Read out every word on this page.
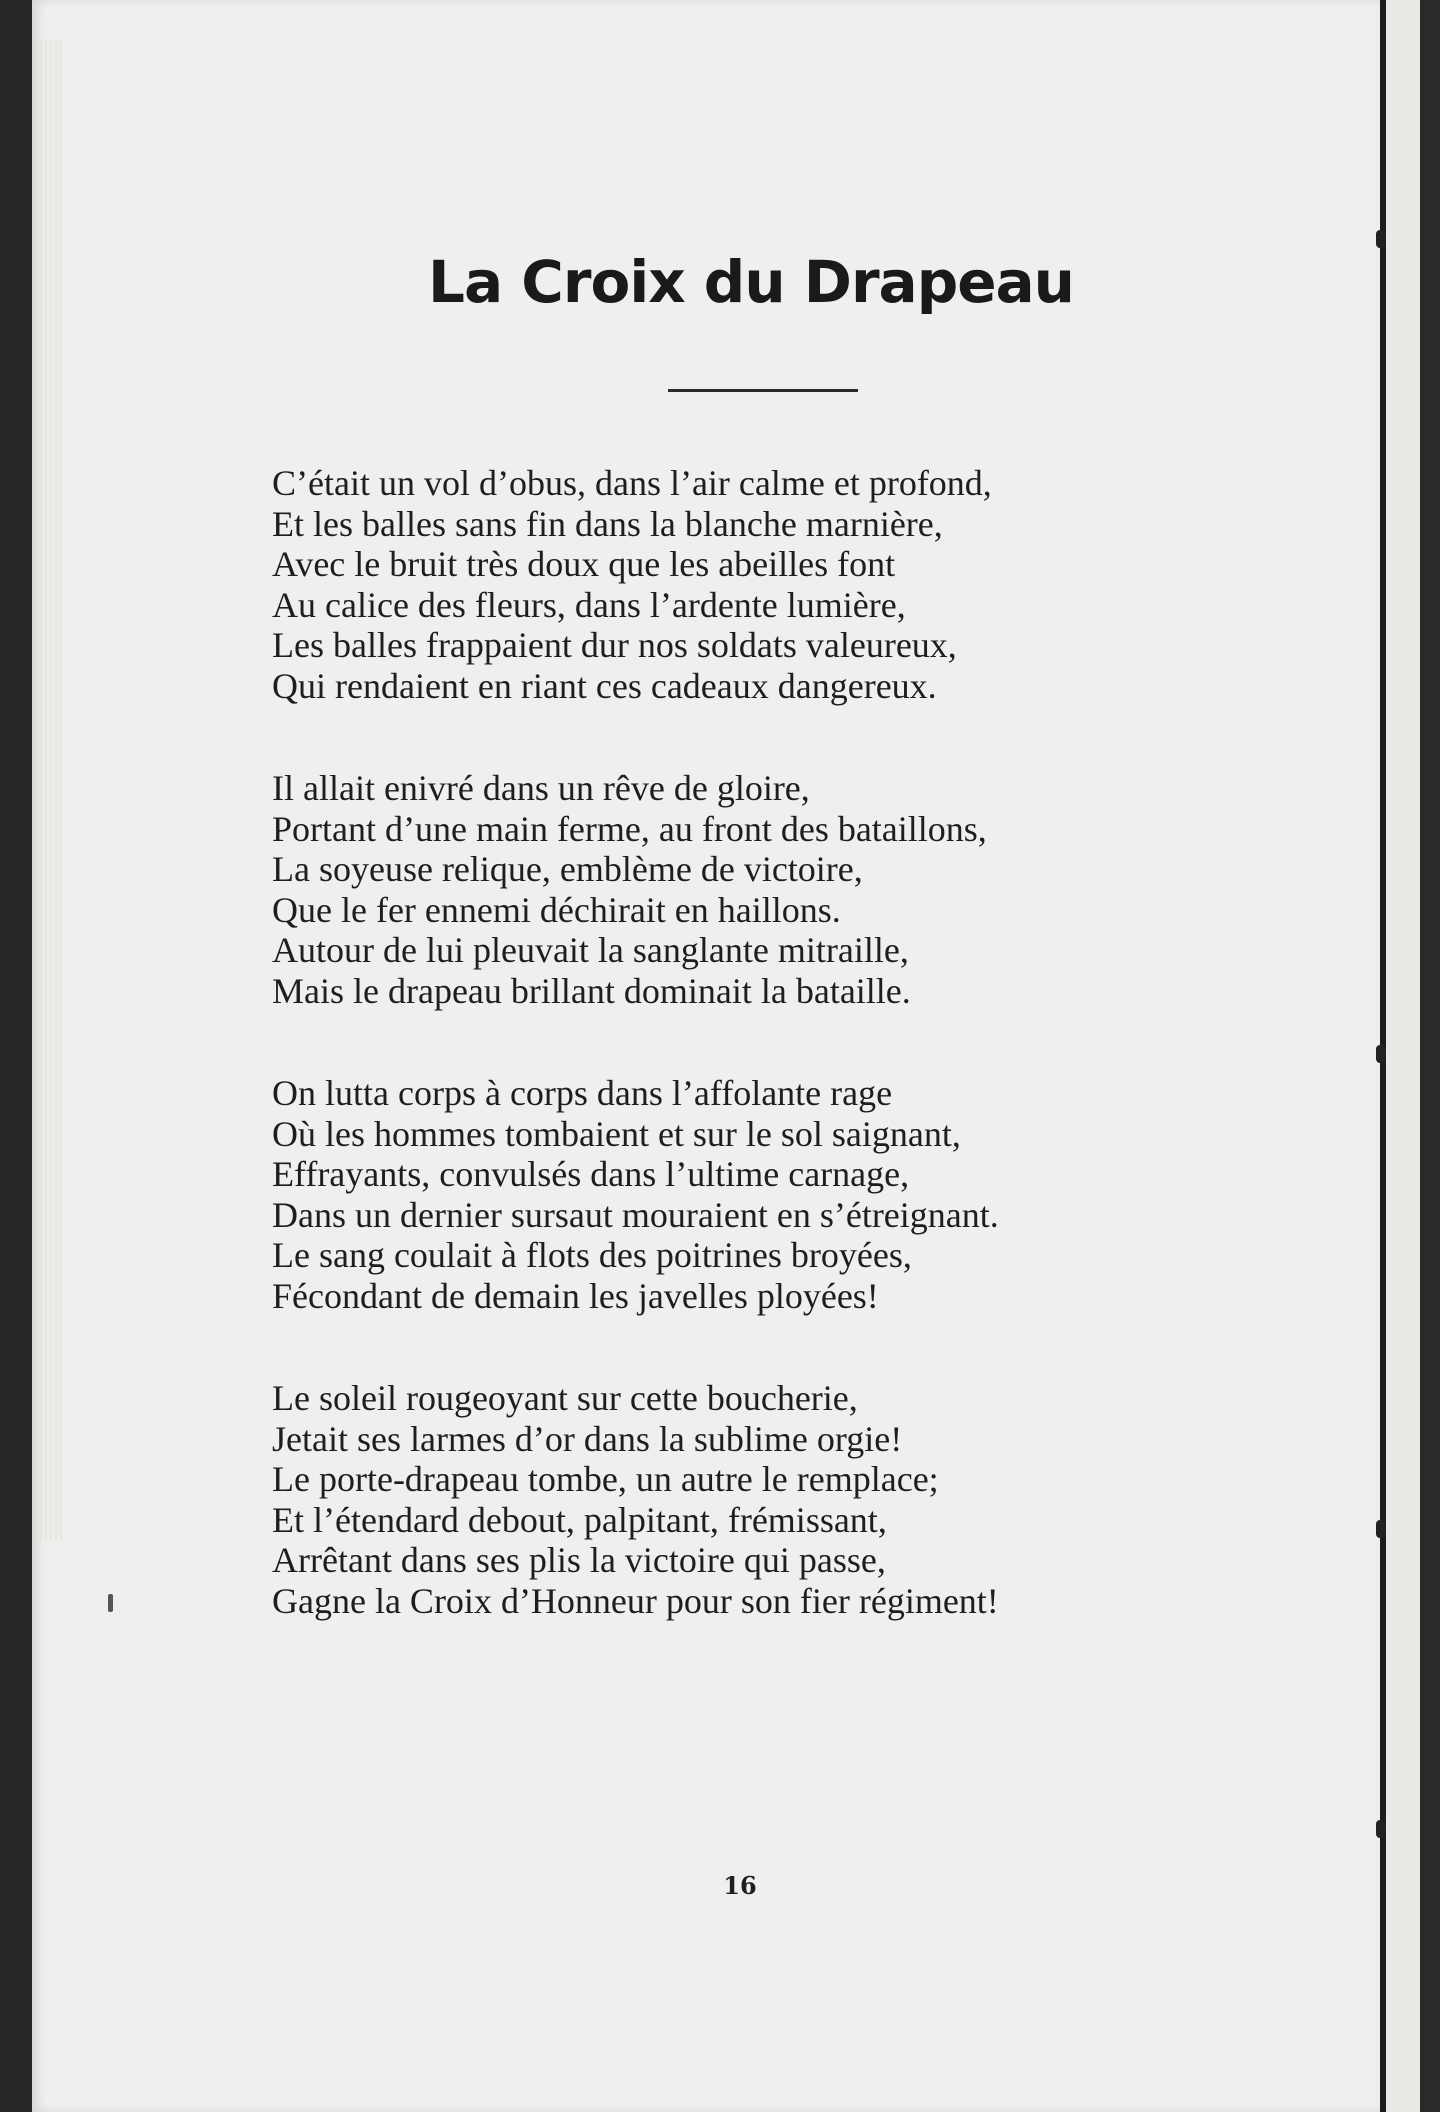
La Croix du Drapeau
C’était un vol d’obus, dans l’air calme et profond,
Et les balles sans fin dans la blanche marnière,
Avec le bruit très doux que les abeilles font
Au calice des fleurs, dans l’ardente lumière,
Les balles frappaient dur nos soldats valeureux,
Qui rendaient en riant ces cadeaux dangereux.
Il allait enivré dans un rêve de gloire,
Portant d’une main ferme, au front des bataillons,
La soyeuse relique, emblème de victoire,
Que le fer ennemi déchirait en haillons.
Autour de lui pleuvait la sanglante mitraille,
Mais le drapeau brillant dominait la bataille.
On lutta corps à corps dans l’affolante rage
Où les hommes tombaient et sur le sol saignant,
Effrayants, convulsés dans l’ultime carnage,
Dans un dernier sursaut mouraient en s’étreignant.
Le sang coulait à flots des poitrines broyées,
Fécondant de demain les javelles ployées!
Le soleil rougeoyant sur cette boucherie,
Jetait ses larmes d’or dans la sublime orgie!
Le porte-drapeau tombe, un autre le remplace;
Et l’étendard debout, palpitant, frémissant,
Arrêtant dans ses plis la victoire qui passe,
Gagne la Croix d’Honneur pour son fier régiment!
16
